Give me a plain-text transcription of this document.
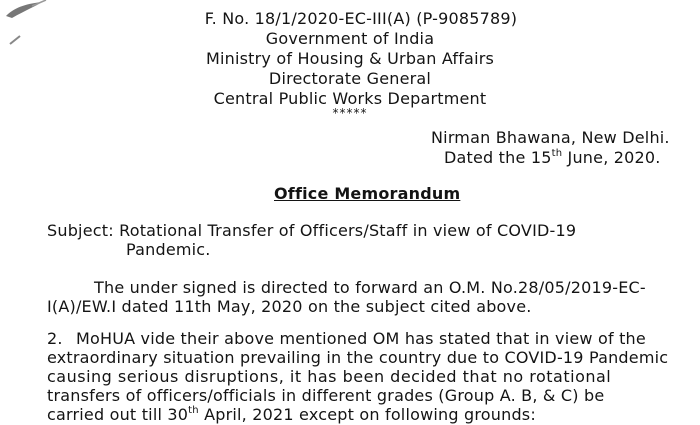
F. No. 18/1/2020-EC-III(A) (P-9085789)
Government of India
Ministry of Housing & Urban Affairs
Directorate General
Central Public Works Department
*****
Nirman Bhawana, New Delhi.
Dated the 15th June, 2020.
Office Memorandum
Subject: Rotational Transfer of Officers/Staff in view of COVID-19
Pandemic.
The under signed is directed to forward an O.M. No.28/05/2019-EC-
I(A)/EW.I dated 11th May, 2020 on the subject cited above.
2. MoHUA vide their above mentioned OM has stated that in view of the
extraordinary situation prevailing in the country due to COVID-19 Pandemic
causing serious disruptions, it has been decided that no rotational
transfers of officers/officials in different grades (Group A. B, & C) be
carried out till 30th April, 2021 except on following grounds:
